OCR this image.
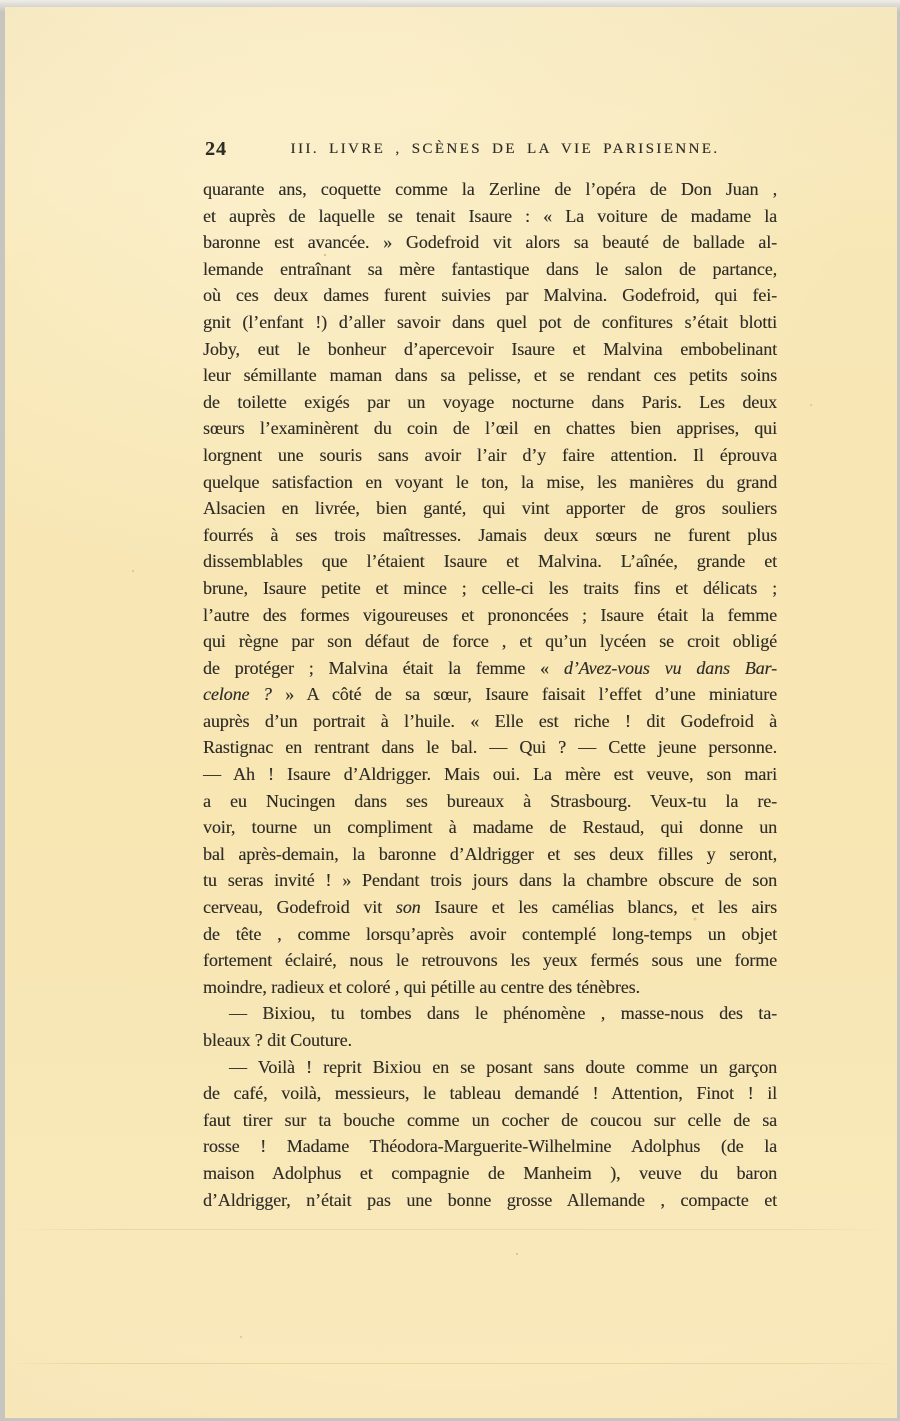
24	III. LIVRE , SCÈNES DE LA VIE PARISIENNE.
quarante ans, coquette comme la Zerline de l’opéra de Don Juan ,
et auprès de laquelle se tenait Isaure : « La voiture de madame la
baronne est avancée. » Godefroid vit alors sa beauté de ballade al-
lemande entraînant sa mère fantastique dans le salon de partance,
où ces deux dames furent suivies par Malvina. Godefroid, qui fei-
gnit (l’enfant !) d’aller savoir dans quel pot de confitures s’était blotti
Joby, eut le bonheur d’apercevoir Isaure et Malvina embobelinant
leur sémillante maman dans sa pelisse, et se rendant ces petits soins
de toilette exigés par un voyage nocturne dans Paris. Les deux
sœurs l’examinèrent du coin de l’œil en chattes bien apprises, qui
lorgnent une souris sans avoir l’air d’y faire attention. Il éprouva
quelque satisfaction en voyant le ton, la mise, les manières du grand
Alsacien en livrée, bien ganté, qui vint apporter de gros souliers
fourrés à ses trois maîtresses. Jamais deux sœurs ne furent plus
dissemblables que l’étaient Isaure et Malvina. L’aînée, grande et
brune, Isaure petite et mince ; celle-ci les traits fins et délicats ;
l’autre des formes vigoureuses et prononcées ; Isaure était la femme
qui règne par son défaut de force , et qu’un lycéen se croit obligé
de protéger ; Malvina était la femme « d’Avez-vous vu dans Bar-
celone ? » A côté de sa sœur, Isaure faisait l’effet d’une miniature
auprès d’un portrait à l’huile. « Elle est riche ! dit Godefroid à
Rastignac en rentrant dans le bal. — Qui ? — Cette jeune personne.
— Ah ! Isaure d’Aldrigger. Mais oui. La mère est veuve, son mari
a eu Nucingen dans ses bureaux à Strasbourg. Veux-tu la re-
voir, tourne un compliment à madame de Restaud, qui donne un
bal après-demain, la baronne d’Aldrigger et ses deux filles y seront,
tu seras invité ! » Pendant trois jours dans la chambre obscure de son
cerveau, Godefroid vit son Isaure et les camélias blancs, et les airs
de tête , comme lorsqu’après avoir contemplé long-temps un objet
fortement éclairé, nous le retrouvons les yeux fermés sous une forme
moindre, radieux et coloré , qui pétille au centre des ténèbres.
— Bixiou, tu tombes dans le phénomène , masse-nous des ta-
bleaux ? dit Couture.
— Voilà ! reprit Bixiou en se posant sans doute comme un garçon
de café, voilà, messieurs, le tableau demandé ! Attention, Finot ! il
faut tirer sur ta bouche comme un cocher de coucou sur celle de sa
rosse ! Madame Théodora-Marguerite-Wilhelmine Adolphus (de la
maison Adolphus et compagnie de Manheim ), veuve du baron
d’Aldrigger, n’était pas une bonne grosse Allemande , compacte et
